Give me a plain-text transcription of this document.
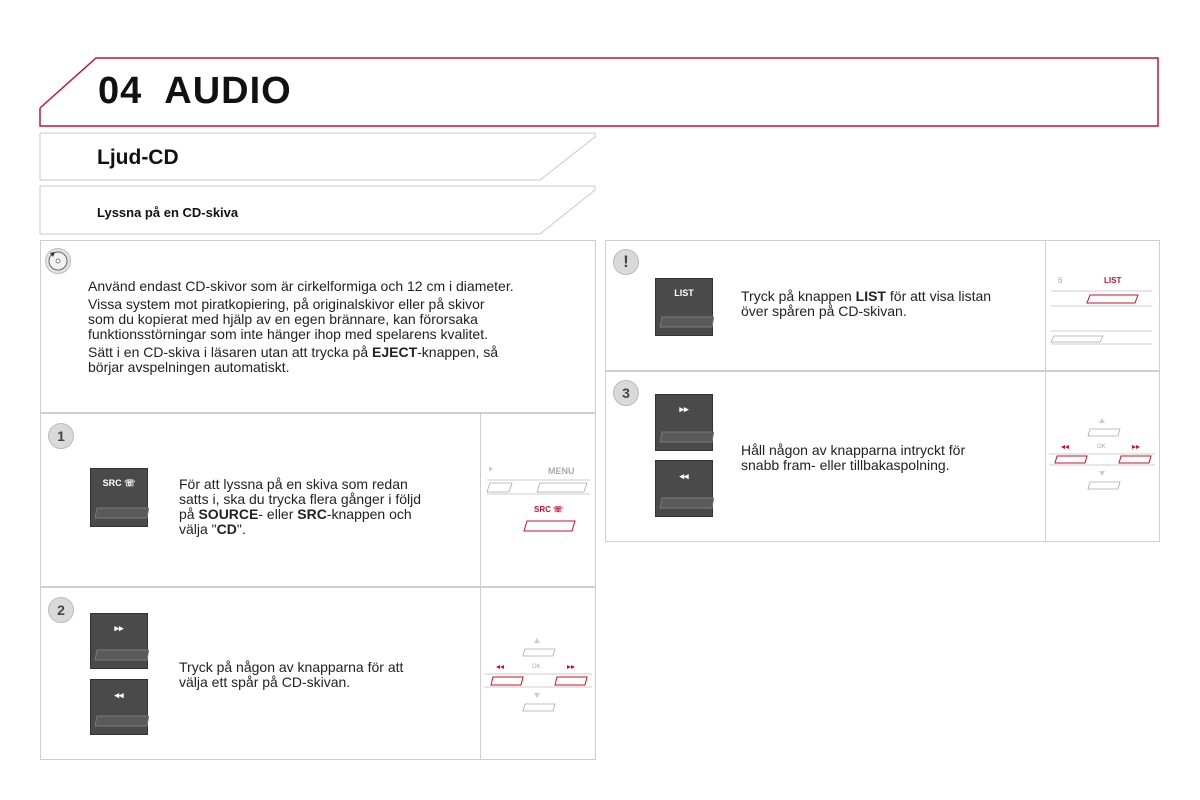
04 AUDIO
Ljud-CD
Lyssna på en CD-skiva

Använd endast CD-skivor som är cirkelformiga och 12 cm i diameter.

Vissa system mot piratkopiering, på originalskivor eller på skivor
som du kopierat med hjälp av en egen brännare, kan förorsaka
funktionsstörningar som inte hänger ihop med spelarens kvalitet.

Sätt i en CD-skiva i läsaren utan att trycka på EJECT-knappen, så
börjar avspelningen automatiskt.

1
SRC ☏	För att lyssna på en skiva som redan
satts i, ska du trycka flera gånger i följd
på SOURCE- eller SRC-knappen och
välja "CD".
MENU
SRC ☏
2
▸▸
◂◂
Tryck på någon av knapparna för att
välja ett spår på CD-skivan.
OK
!
LIST	Tryck på knappen LIST för att visa listan
över spåren på CD-skivan.
6	LIST
3
▸▸
◂◂
Håll någon av knapparna intryckt för
snabb fram- eller tillbakaspolning.
OK
